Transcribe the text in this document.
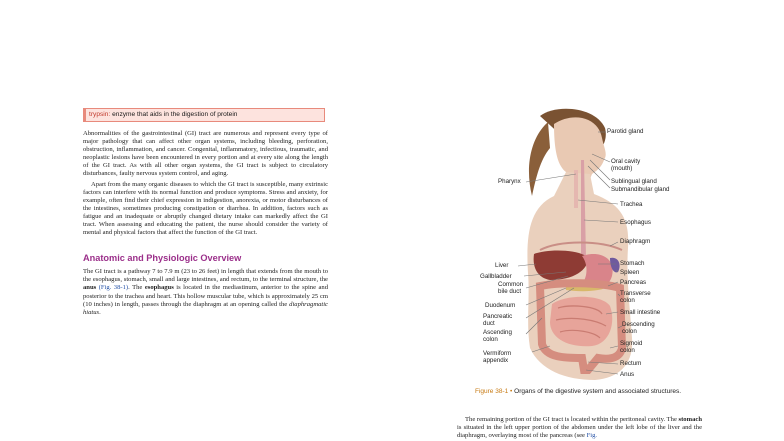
trypsin: enzyme that aids in the digestion of protein

Abnormalities of the gastrointestinal (GI) tract are numerous and represent every type of major pathology that can affect other organ systems, including bleeding, perforation, obstruction, inflammation, and cancer. Congenital, inflammatory, infectious, traumatic, and neoplastic lesions have been encountered in every portion and at every site along the length of the GI tract. As with all other organ systems, the GI tract is subject to circulatory disturbances, faulty nervous system control, and aging.

Apart from the many organic diseases to which the GI tract is susceptible, many extrinsic factors can interfere with its normal function and produce symptoms. Stress and anxiety, for example, often find their chief expression in indigestion, anorexia, or motor disturbances of the intestines, sometimes producing constipation or diarrhea. In addition, factors such as fatigue and an inadequate or abruptly changed dietary intake can markedly affect the GI tract. When assessing and educating the patient, the nurse should consider the variety of mental and physical factors that affect the function of the GI tract.

Anatomic and Physiologic Overview

The GI tract is a pathway 7 to 7.9 m (23 to 26 feet) in length that extends from the mouth to the esophagus, stomach, small and large intestines, and rectum, to the terminal structure, the anus (Fig. 38-1). The esophagus is located in the mediastinum, anterior to the spine and posterior to the trachea and heart. This hollow muscular tube, which is approximately 25 cm (10 inches) in length, passes through the diaphragm at an opening called the diaphragmatic hiatus.

Parotid gland
Oral cavity
(mouth)
Sublingual gland
Submandibular gland
Pharynx
Trachea
Esophagus
Diaphragm
Liver	Stomach
Spleen
Gallbladder
Pancreas
Common
bile duct	Transverse
colon
Duodenum
Small intestine
Pancreatic
duct	Descending
colon
Ascending
colon
Sigmoid
colon
Vermiform
appendix	Rectum
Anus
Figure 38-1 • Organs of the digestive system and associated structures.

The remaining portion of the GI tract is located within the peritoneal cavity. The stomach is situated in the left upper portion of the abdomen under the left lobe of the liver and the diaphragm, overlaying most of the pancreas (see Fig.
